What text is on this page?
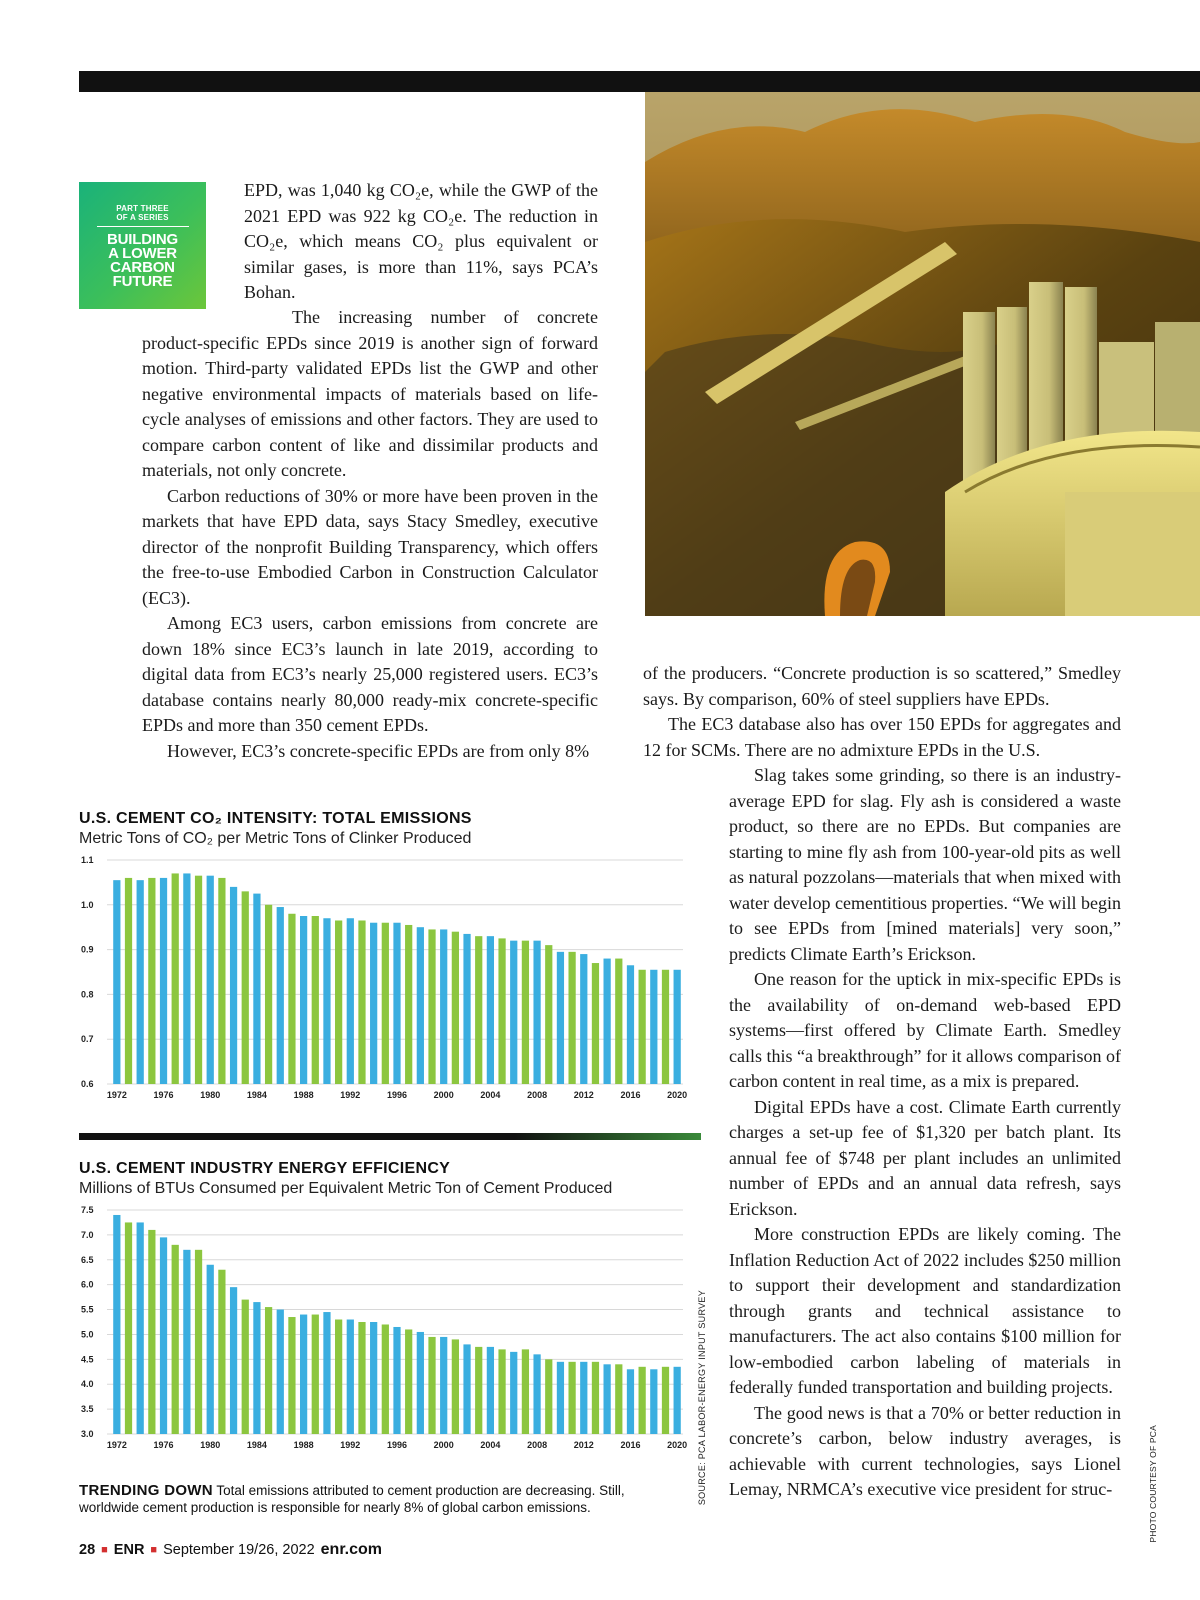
PART THREE
OF A SERIES
BUILDING
A LOWER
CARBON
FUTURE

EPD, was 1,040 kg CO₂e, while the GWP of the 2021 EPD was 922 kg CO₂e. The reduction in CO₂e, which means CO₂ plus equivalent or similar gases, is more than 11%, says PCA’s Bohan.

The increasing number of concrete product-specific EPDs since 2019 is another sign of forward motion. Third-party validated EPDs list the GWP and other negative environmental impacts of materials based on life-cycle analyses of emissions and other factors. They are used to compare carbon content of like and dissimilar products and materials, not only concrete.

Carbon reductions of 30% or more have been proven in the markets that have EPD data, says Stacy Smedley, executive director of the nonprofit Building Transparency, which offers the free-to-use Embodied Carbon in Construction Calculator (EC3).

Among EC3 users, carbon emissions from concrete are down 18% since EC3’s launch in late 2019, according to digital data from EC3’s nearly 25,000 registered users. EC3’s database contains nearly 80,000 ready-mix concrete-specific EPDs and more than 350 cement EPDs.

However, EC3’s concrete-specific EPDs are from only 8%

of the producers. “Concrete production is so scattered,” Smedley says. By comparison, 60% of steel suppliers have EPDs.

The EC3 database also has over 150 EPDs for aggregates and 12 for SCMs. There are no admixture EPDs in the U.S.

Slag takes some grinding, so there is an industry-average EPD for slag. Fly ash is considered a waste product, so there are no EPDs. But companies are starting to mine fly ash from 100-year-old pits as well as natural pozzolans—materials that when mixed with water develop cementitious properties. “We will begin to see EPDs from [mined materials] very soon,” predicts Climate Earth’s Erickson.

One reason for the uptick in mix-specific EPDs is the availability of on-demand web-based EPD systems—first offered by Climate Earth. Smedley calls this “a breakthrough” for it allows comparison of carbon content in real time, as a mix is prepared.

Digital EPDs have a cost. Climate Earth currently charges a set-up fee of $1,320 per batch plant. Its annual fee of $748 per plant includes an unlimited number of EPDs and an annual data refresh, says Erickson.

More construction EPDs are likely coming. The Inflation Reduction Act of 2022 includes $250 million to support their development and standardization through grants and technical assistance to manufacturers. The act also contains $100 million for low-embodied carbon labeling of materials in federally funded transportation and building projects.

The good news is that a 70% or better reduction in concrete’s carbon, below industry averages, is achievable with current technologies, says Lionel Lemay, NRMCA’s executive vice president for struc-

U.S. CEMENT CO₂ INTENSITY: TOTAL EMISSIONS
Metric Tons of CO₂ per Metric Tons of Clinker Produced
0.6
0.7
0.8
0.9
1.0
1.1
1972	1976	1980	1984	1988	1992	1996	2000	2004	2008	2012	2016	2020
U.S. CEMENT INDUSTRY ENERGY EFFICIENCY
Millions of BTUs Consumed per Equivalent Metric Ton of Cement Produced
3.0
3.5
4.0
4.5
5.0
5.5
6.0
6.5
7.0
7.5
1972	1976	1980	1984	1988	1992	1996	2000	2004	2008	2012	2016	2020 SOURCE: PCA LABOR-ENERGY INPUT SURVEY	PHOTO COURTESY OF PCA
TRENDING DOWN Total emissions attributed to cement production are decreasing. Still, worldwide cement production is responsible for nearly 8% of global carbon emissions.
28 ■ ENR ■ September 19/26, 2022 enr.com
